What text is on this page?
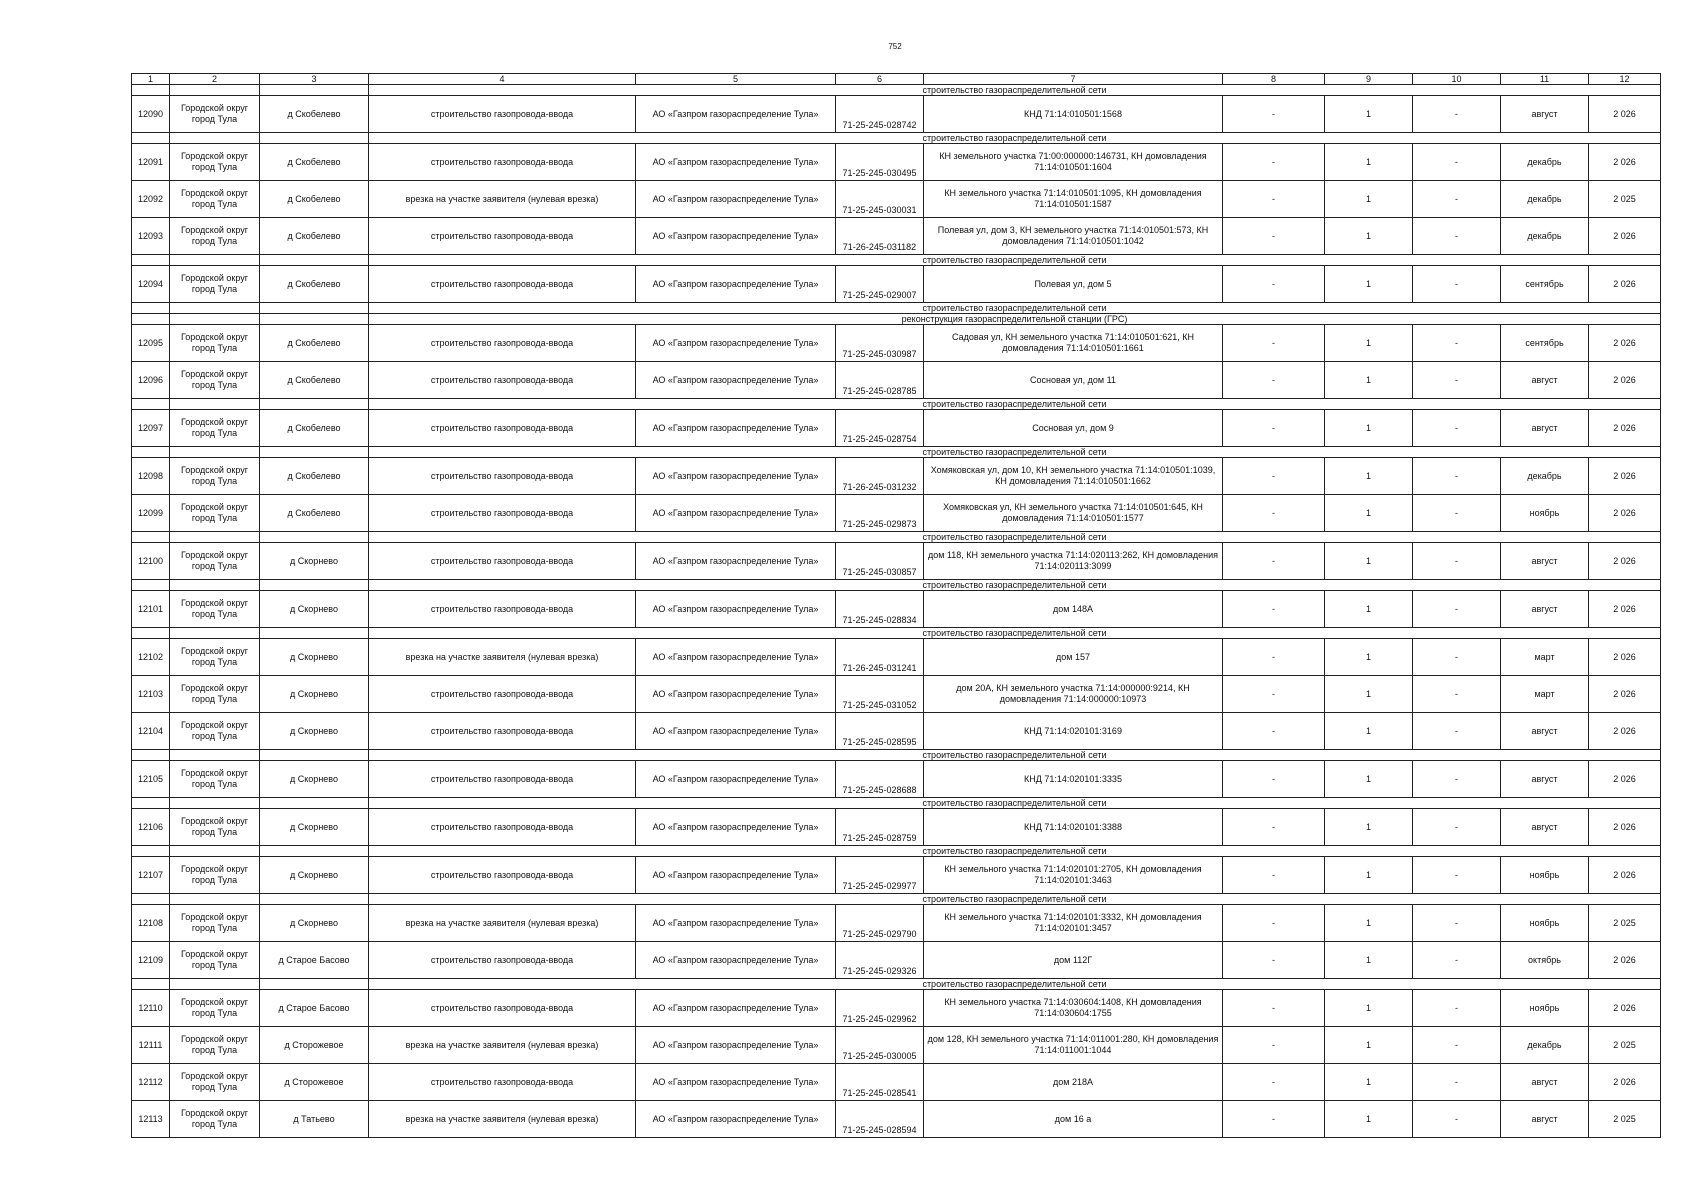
752
1	2	3	4	5	6	7	8	9	10	11	12
			строительство газораспределительной сети								
12090	Городской округ город Тула	д Скобелево	строительство газопровода-ввода	АО «Газпром газораспределение Тула»	71-25-245-028742	КНД 71:14:010501:1568	-	1	-	август	2 026
			строительство газораспределительной сети								
12091	Городской округ город Тула	д Скобелево	строительство газопровода-ввода	АО «Газпром газораспределение Тула»	71-25-245-030495	КН земельного участка 71:00:000000:146731, КН домовладения 71:14:010501:1604	-	1	-	декабрь	2 026
12092	Городской округ город Тула	д Скобелево	врезка на участке заявителя (нулевая врезка)	АО «Газпром газораспределение Тула»	71-25-245-030031	КН земельного участка 71:14:010501:1095, КН домовладения 71:14:010501:1587	-	1	-	декабрь	2 025
12093	Городской округ город Тула	д Скобелево	строительство газопровода-ввода	АО «Газпром газораспределение Тула»	71-26-245-031182	Полевая ул, дом 3, КН земельного участка 71:14:010501:573, КН домовладения 71:14:010501:1042	-	1	-	декабрь	2 026
			строительство газораспределительной сети								
12094	Городской округ город Тула	д Скобелево	строительство газопровода-ввода	АО «Газпром газораспределение Тула»	71-25-245-029007	Полевая ул, дом 5	-	1	-	сентябрь	2 026
			строительство газораспределительной сети								
			реконструкция газораспределительной станции (ГРС)								
12095	Городской округ город Тула	д Скобелево	строительство газопровода-ввода	АО «Газпром газораспределение Тула»	71-25-245-030987	Садовая ул, КН земельного участка 71:14:010501:621, КН домовладения 71:14:010501:1661	-	1	-	сентябрь	2 026
12096	Городской округ город Тула	д Скобелево	строительство газопровода-ввода	АО «Газпром газораспределение Тула»	71-25-245-028785	Сосновая ул, дом 11	-	1	-	август	2 026
			строительство газораспределительной сети								
12097	Городской округ город Тула	д Скобелево	строительство газопровода-ввода	АО «Газпром газораспределение Тула»	71-25-245-028754	Сосновая ул, дом 9	-	1	-	август	2 026
			строительство газораспределительной сети								
12098	Городской округ город Тула	д Скобелево	строительство газопровода-ввода	АО «Газпром газораспределение Тула»	71-26-245-031232	Хомяковская ул, дом 10, КН земельного участка 71:14:010501:1039, КН домовладения 71:14:010501:1662	-	1	-	декабрь	2 026
12099	Городской округ город Тула	д Скобелево	строительство газопровода-ввода	АО «Газпром газораспределение Тула»	71-25-245-029873	Хомяковская ул, КН земельного участка 71:14:010501:645, КН домовладения 71:14:010501:1577	-	1	-	ноябрь	2 026
			строительство газораспределительной сети								
12100	Городской округ город Тула	д Скорнево	строительство газопровода-ввода	АО «Газпром газораспределение Тула»	71-25-245-030857	дом 118, КН земельного участка 71:14:020113:262, КН домовладения 71:14:020113:3099	-	1	-	август	2 026
			строительство газораспределительной сети								
12101	Городской округ город Тула	д Скорнево	строительство газопровода-ввода	АО «Газпром газораспределение Тула»	71-25-245-028834	дом 148А	-	1	-	август	2 026
			строительство газораспределительной сети								
12102	Городской округ город Тула	д Скорнево	врезка на участке заявителя (нулевая врезка)	АО «Газпром газораспределение Тула»	71-26-245-031241	дом 157	-	1	-	март	2 026
12103	Городской округ город Тула	д Скорнево	строительство газопровода-ввода	АО «Газпром газораспределение Тула»	71-25-245-031052	дом 20А, КН земельного участка 71:14:000000:9214, КН домовладения 71:14:000000:10973	-	1	-	март	2 026
12104	Городской округ город Тула	д Скорнево	строительство газопровода-ввода	АО «Газпром газораспределение Тула»	71-25-245-028595	КНД 71:14:020101:3169	-	1	-	август	2 026
			строительство газораспределительной сети								
12105	Городской округ город Тула	д Скорнево	строительство газопровода-ввода	АО «Газпром газораспределение Тула»	71-25-245-028688	КНД 71:14:020101:3335	-	1	-	август	2 026
			строительство газораспределительной сети								
12106	Городской округ город Тула	д Скорнево	строительство газопровода-ввода	АО «Газпром газораспределение Тула»	71-25-245-028759	КНД 71:14:020101:3388	-	1	-	август	2 026
			строительство газораспределительной сети								
12107	Городской округ город Тула	д Скорнево	строительство газопровода-ввода	АО «Газпром газораспределение Тула»	71-25-245-029977	КН земельного участка 71:14:020101:2705, КН домовладения 71:14:020101:3463	-	1	-	ноябрь	2 026
			строительство газораспределительной сети								
12108	Городской округ город Тула	д Скорнево	врезка на участке заявителя (нулевая врезка)	АО «Газпром газораспределение Тула»	71-25-245-029790	КН земельного участка 71:14:020101:3332, КН домовладения 71:14:020101:3457	-	1	-	ноябрь	2 025
12109	Городской округ город Тула	д Старое Басово	строительство газопровода-ввода	АО «Газпром газораспределение Тула»	71-25-245-029326	дом 112Г	-	1	-	октябрь	2 026
			строительство газораспределительной сети								
12110	Городской округ город Тула	д Старое Басово	строительство газопровода-ввода	АО «Газпром газораспределение Тула»	71-25-245-029962	КН земельного участка 71:14:030604:1408, КН домовладения 71:14:030604:1755	-	1	-	ноябрь	2 026
12111	Городской округ город Тула	д Сторожевое	врезка на участке заявителя (нулевая врезка)	АО «Газпром газораспределение Тула»	71-25-245-030005	дом 128, КН земельного участка 71:14:011001:280, КН домовладения 71:14:011001:1044	-	1	-	декабрь	2 025
12112	Городской округ город Тула	д Сторожевое	строительство газопровода-ввода	АО «Газпром газораспределение Тула»	71-25-245-028541	дом 218А	-	1	-	август	2 026
12113	Городской округ город Тула	д Татьево	врезка на участке заявителя (нулевая врезка)	АО «Газпром газораспределение Тула»	71-25-245-028594	дом 16 а	-	1	-	август	2 025
